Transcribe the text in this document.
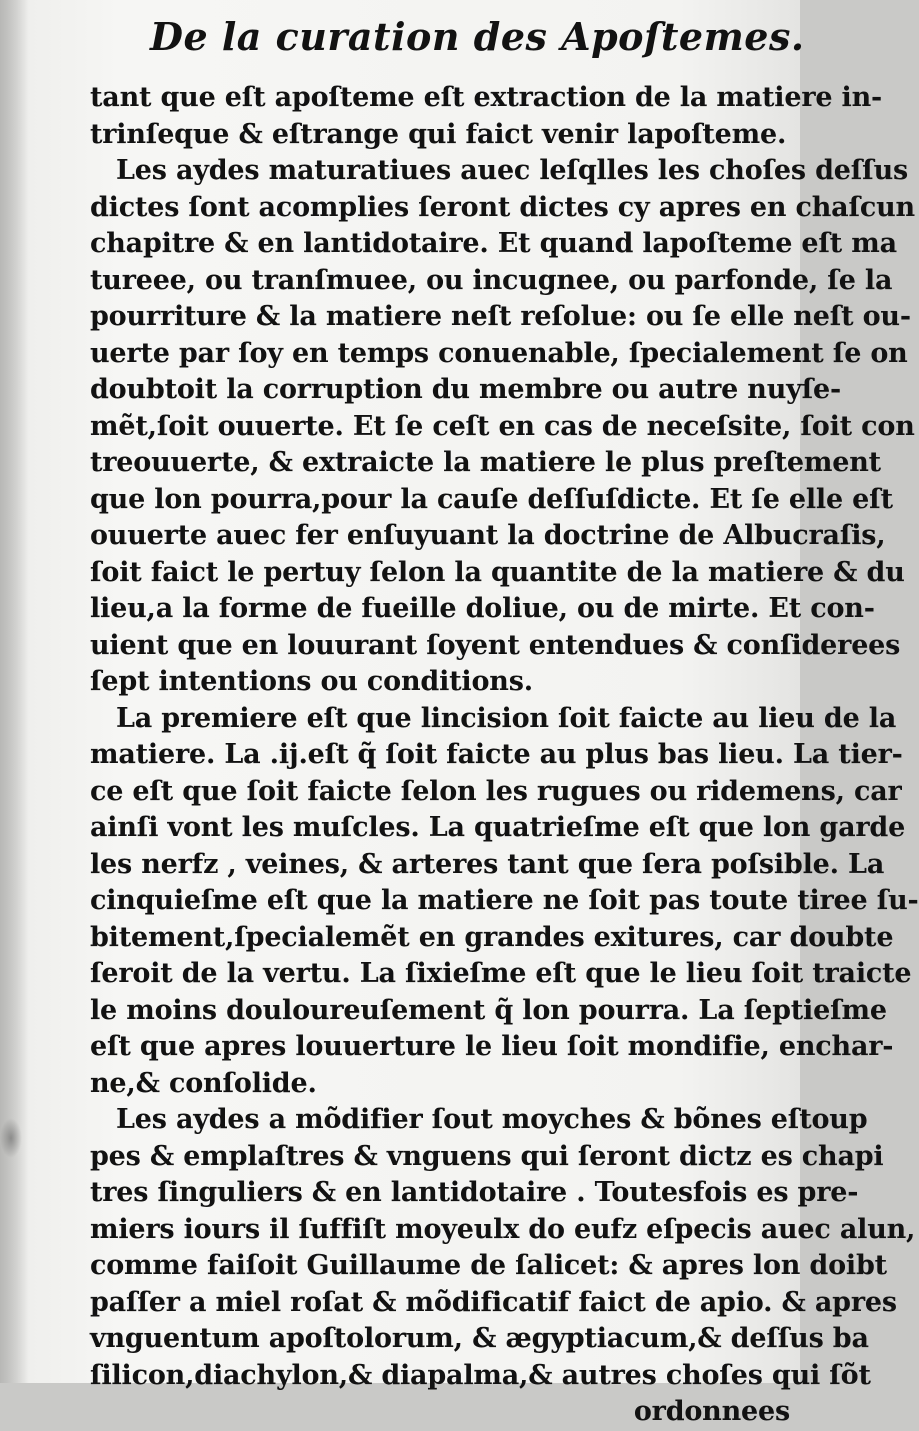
De la curation des Apoſtemes.
tant que eſt apoſteme eſt extraction de la matiere in-
trinſeque & eſtrange qui faict venir lapoſteme.
Les aydes maturatiues auec leſqlles les choſes deſſus
dictes ſont acomplies ſeront dictes cy apres en chaſcun
chapitre & en lantidotaire. Et quand lapoſteme eſt ma
tureee, ou tranſmuee, ou incugnee, ou parfonde, ſe la
pourriture & la matiere neſt reſolue: ou ſe elle neſt ou-
uerte par ſoy en temps conuenable, ſpecialement ſe on
doubtoit la corruption du membre ou autre nuyſe-
mẽt,ſoit ouuerte. Et ſe ceſt en cas de neceſsite, ſoit con
treouuerte, & extraicte la matiere le plus preſtement
que lon pourra,pour la cauſe deſſuſdicte. Et ſe elle eſt
ouuerte auec fer enſuyuant la doctrine de Albucraſis,
ſoit faict le pertuy ſelon la quantite de la matiere & du
lieu,a la forme de fueille doliue, ou de mirte. Et con-
uient que en louurant ſoyent entendues & conſiderees
ſept intentions ou conditions.
La premiere eſt que lincision ſoit faicte au lieu de la
matiere. La .ij.eſt q̃ ſoit faicte au plus bas lieu. La tier-
ce eſt que ſoit faicte ſelon les rugues ou ridemens, car
ainſi vont les muſcles. La quatrieſme eſt que lon garde
les nerfz , veines, & arteres tant que ſera poſsible. La
cinquieſme eſt que la matiere ne ſoit pas toute tiree ſu-
bitement,ſpecialemẽt en grandes exitures, car doubte
ſeroit de la vertu. La ſixieſme eſt que le lieu ſoit traicte
le moins douloureuſement q̃ lon pourra. La ſeptieſme
eſt que apres louuerture le lieu ſoit mondifie, enchar-
ne,& conſolide.
Les aydes a mõdifier ſout moyches & bõnes eſtoup
pes & emplaſtres & vnguens qui ſeront dictz es chapi
tres ſinguliers & en lantidotaire . Toutesfois es pre-
miers iours il ſuffiſt moyeulx do eufz eſpecis auec alun,
comme faiſoit Guillaume de ſalicet: & apres lon doibt
paſſer a miel roſat & mõdificatif faict de apio. & apres
vnguentum apoſtolorum, & ægyptiacum,& deſſus ba
ſilicon,diachylon,& diapalma,& autres choſes qui ſõt
ordonnees
